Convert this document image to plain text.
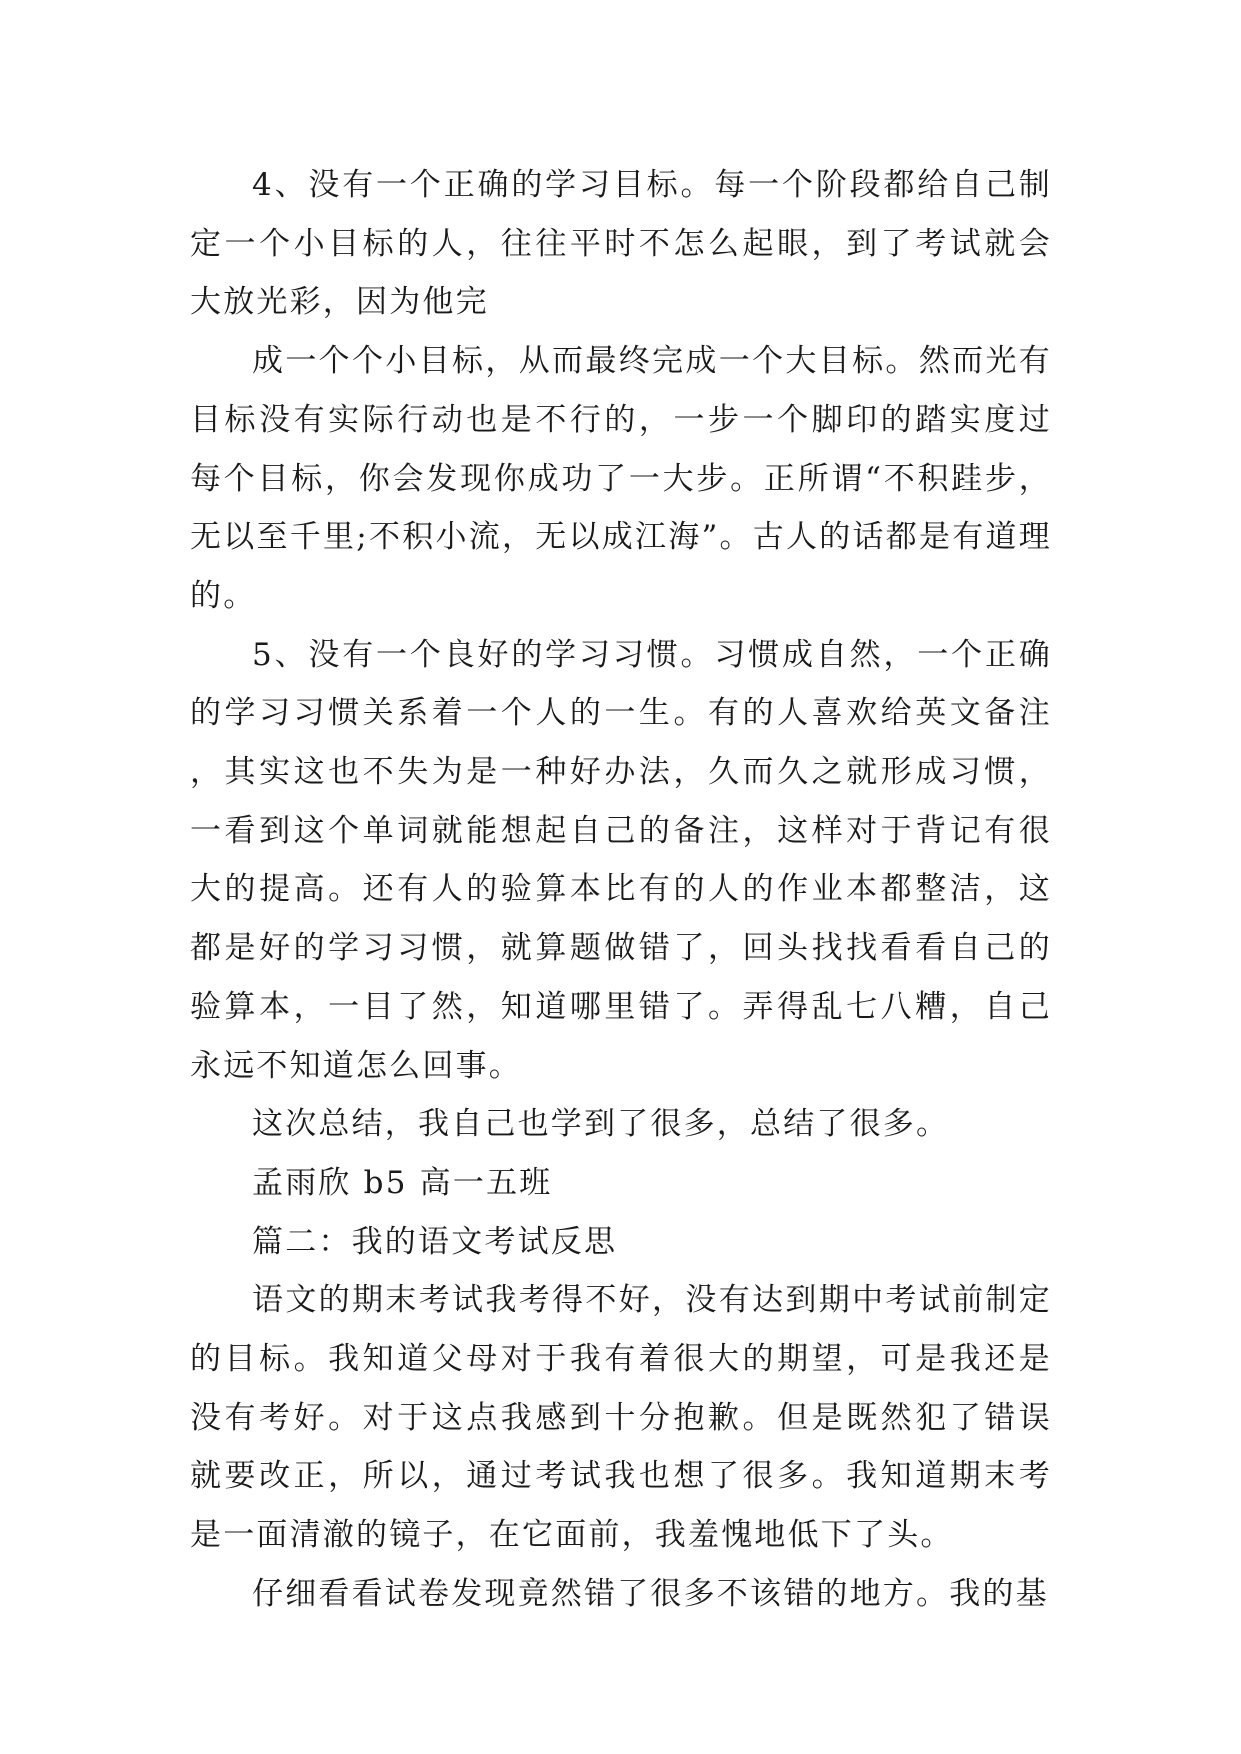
4、没有一个正确的学习目标。每一个阶段都给自己制定一个小目标的人，往往平时不怎么起眼，到了考试就会大放光彩，因为他完

成一个个小目标，从而最终完成一个大目标。然而光有目标没有实际行动也是不行的，一步一个脚印的踏实度过每个目标，你会发现你成功了一大步。正所谓“不积跬步，无以至千里;不积小流，无以成江海”。古人的话都是有道理的。

5、没有一个良好的学习习惯。习惯成自然，一个正确的学习习惯关系着一个人的一生。有的人喜欢给英文备注，其实这也不失为是一种好办法，久而久之就形成习惯，一看到这个单词就能想起自己的备注，这样对于背记有很大的提高。还有人的验算本比有的人的作业本都整洁，这都是好的学习习惯，就算题做错了，回头找找看看自己的验算本，一目了然，知道哪里错了。弄得乱七八糟，自己永远不知道怎么回事。

这次总结，我自己也学到了很多，总结了很多。

孟雨欣 b5 高一五班

篇二：我的语文考试反思

语文的期末考试我考得不好，没有达到期中考试前制定的目标。我知道父母对于我有着很大的期望，可是我还是没有考好。对于这点我感到十分抱歉。但是既然犯了错误就要改正，所以，通过考试我也想了很多。我知道期末考是一面清澈的镜子，在它面前，我羞愧地低下了头。

仔细看看试卷发现竟然错了很多不该错的地方。我的基
